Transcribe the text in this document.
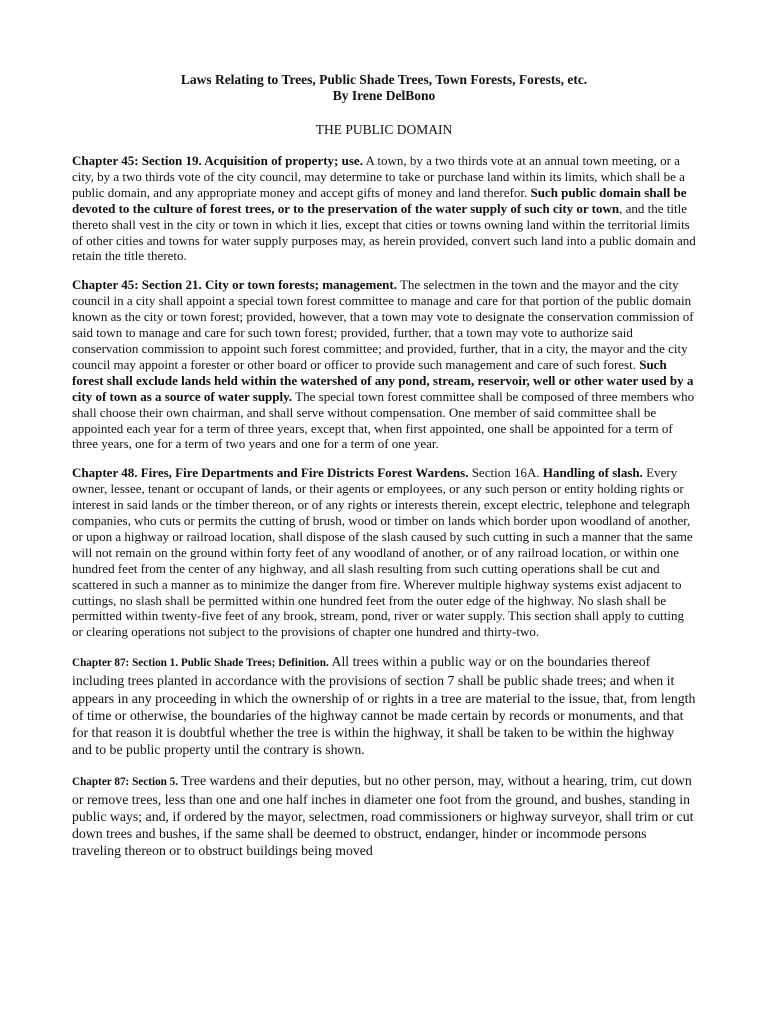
Laws Relating to Trees, Public Shade Trees, Town Forests, Forests, etc.
By Irene DelBono
THE PUBLIC DOMAIN

Chapter 45: Section 19. Acquisition of property; use. A town, by a two thirds vote at an annual town meeting, or a city, by a two thirds vote of the city council, may determine to take or purchase land within its limits, which shall be a public domain, and any appropriate money and accept gifts of money and land therefor. Such public domain shall be devoted to the culture of forest trees, or to the preservation of the water supply of such city or town, and the title thereto shall vest in the city or town in which it lies, except that cities or towns owning land within the territorial limits of other cities and towns for water supply purposes may, as herein provided, convert such land into a public domain and retain the title thereto.

Chapter 45: Section 21. City or town forests; management. The selectmen in the town and the mayor and the city council in a city shall appoint a special town forest committee to manage and care for that portion of the public domain known as the city or town forest; provided, however, that a town may vote to designate the conservation commission of said town to manage and care for such town forest; provided, further, that a town may vote to authorize said conservation commission to appoint such forest committee; and provided, further, that in a city, the mayor and the city council may appoint a forester or other board or officer to provide such management and care of such forest. Such forest shall exclude lands held within the watershed of any pond, stream, reservoir, well or other water used by a city of town as a source of water supply. The special town forest committee shall be composed of three members who shall choose their own chairman, and shall serve without compensation. One member of said committee shall be appointed each year for a term of three years, except that, when first appointed, one shall be appointed for a term of three years, one for a term of two years and one for a term of one year.

Chapter 48. Fires, Fire Departments and Fire Districts Forest Wardens. Section 16A. Handling of slash. Every owner, lessee, tenant or occupant of lands, or their agents or employees, or any such person or entity holding rights or interest in said lands or the timber thereon, or of any rights or interests therein, except electric, telephone and telegraph companies, who cuts or permits the cutting of brush, wood or timber on lands which border upon woodland of another, or upon a highway or railroad location, shall dispose of the slash caused by such cutting in such a manner that the same will not remain on the ground within forty feet of any woodland of another, or of any railroad location, or within one hundred feet from the center of any highway, and all slash resulting from such cutting operations shall be cut and scattered in such a manner as to minimize the danger from fire. Wherever multiple highway systems exist adjacent to cuttings, no slash shall be permitted within one hundred feet from the outer edge of the highway. No slash shall be permitted within twenty-five feet of any brook, stream, pond, river or water supply. This section shall apply to cutting or clearing operations not subject to the provisions of chapter one hundred and thirty-two.

Chapter 87: Section 1. Public Shade Trees; Definition. All trees within a public way or on the boundaries thereof including trees planted in accordance with the provisions of section 7 shall be public shade trees; and when it appears in any proceeding in which the ownership of or rights in a tree are material to the issue, that, from length of time or otherwise, the boundaries of the highway cannot be made certain by records or monuments, and that for that reason it is doubtful whether the tree is within the highway, it shall be taken to be within the highway and to be public property until the contrary is shown.

Chapter 87: Section 5. Tree wardens and their deputies, but no other person, may, without a hearing, trim, cut down or remove trees, less than one and one half inches in diameter one foot from the ground, and bushes, standing in public ways; and, if ordered by the mayor, selectmen, road commissioners or highway surveyor, shall trim or cut down trees and bushes, if the same shall be deemed to obstruct, endanger, hinder or incommode persons traveling thereon or to obstruct buildings being moved
